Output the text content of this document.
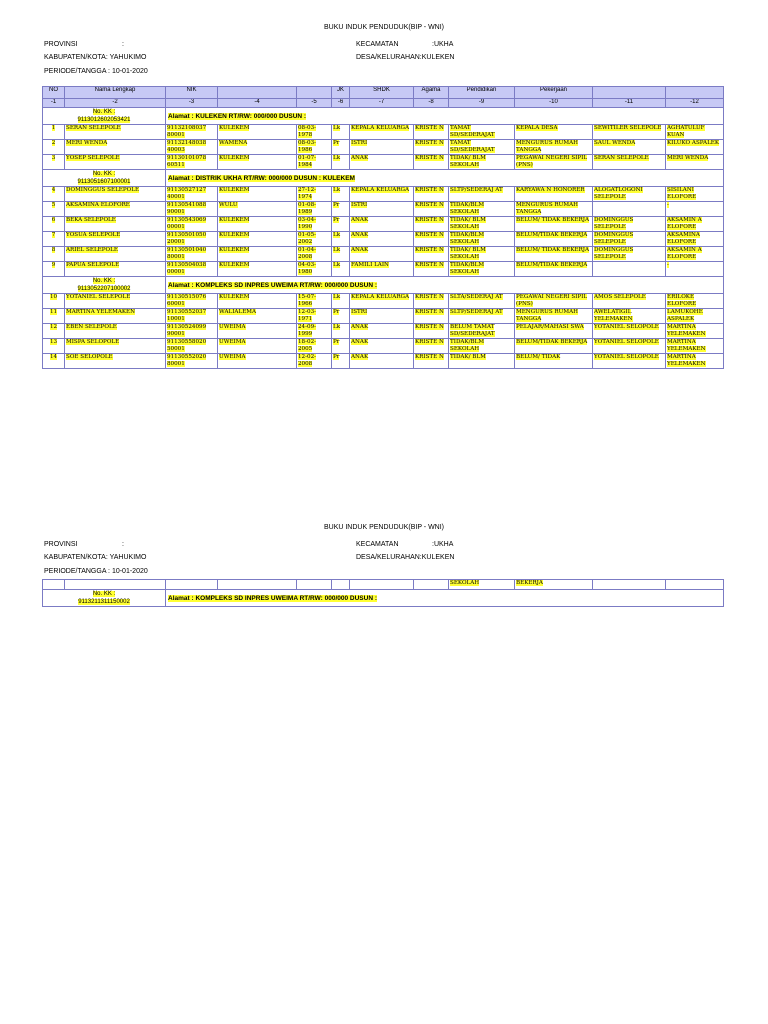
BUKU INDUK PENDUDUK(BIP - WNI)
PROVINSI	:
KABUPATEN/KOTA: YAHUKIMO
PERIODE/TANGGA : 10-01-2020
KECAMATAN	:UKHA
DESA/KELURAHAN:KULEKEN
NO	Nama Lengkap	NIK			JK	SHDK	Agama	Pendidikan	Pekerjaan		
-1	-2	-3	-4	-5	-6	-7	-8	-9	-10	-11	-12
No. KK :
9113012602053421		Alamat : KULEKEN RT/RW: 000/000 DUSUN :									
1	SERAN SELEPOLE	91132108037 80001	KULEKEM	08-03- 1978	Lk	KEPALA KELUARGA	KRISTE N	TAMAT SD/SEDERAJAT	KEPALA DESA	SEWITILER SELEPOLE	AGHATULUF KUAN
2	MERI WENDA	91132148038 40003	WAMENA	08-03- 1986	Pr	ISTRI	KRISTE N	TAMAT SD/SEDERAJAT	MENGURUS RUMAH TANGGA	SAUL WENDA	KILUKO ASPALEK
3	YOSEP SELEPOLE	91130101078 60511	KULEKEM	01-07- 1984	Lk	ANAK	KRISTE N	TIDAK/ BLM SEKOLAH	PEGAWAI NEGERI SIPIL (PNS)	SERAN SELEPOLE	MERI WENDA
No. KK :
9113051607100001		Alamat : DISTRIK UKHA RT/RW: 000/000 DUSUN : KULEKEM									
4	DOMINGGUS SELEPOLE	91130527127 40001	KULEKEM	27-12- 1974	Lk	KEPALA KELUARGA	KRISTE N	SLTP/SEDERAJ AT	KARYAWA N HONORER	ALOGATLOGONI SELEPOLE	SISILANI ELOFORE
5	AKSAMINA ELOFORE	91130541088 90001	WULU	01-08- 1989	Pr	ISTRI	KRISTE N	TIDAK/BLM SEKOLAH	MENGURUS RUMAH TANGGA		-
6	BEKA SELEPOLE	91130543069 00001	KULEKEM	03-04- 1990	Pr	ANAK	KRISTE N	TIDAK/ BLM SEKOLAH	BELUM/ TIDAK BEKERJA	DOMINGGUS SELEPOLE	AKSAMIN A ELOFORE
7	YOSUA SELEPOLE	91130501050 20001	KULEKEM	01-05- 2002	Lk	ANAK	KRISTE N	TIDAK/BLM SEKOLAH	BELUM/TIDAK BEKERJA	DOMINGGUS SELEPOLE	AKSAMINA ELOFORE
8	ARIEL SELEPOLE	91130501040 80001	KULEKEM	01-04- 2008	Lk	ANAK	KRISTE N	TIDAK/ BLM SEKOLAH	BELUM/ TIDAK BEKERJA	DOMINGGUS SELEPOLE	AKSAMIN A ELOFORE
9	PAPUA SELEPOLE	91130504038 00001	KULEKEM	04-03- 1980	Lk	FAMILI LAIN	KRISTE N	TIDAK/BLM SEKOLAH	BELUM/TIDAK BEKERJA		-
No. KK :
9113052207100002		Alamat : KOMPLEKS SD INPRES UWEIMA RT/RW: 000/000 DUSUN :									
10	YOTANIEL SELEPOLE	91130515076 60001	KULEKEM	15-07- 1966	Lk	KEPALA KELUARGA	KRISTE N	SLTA/SEDERAJ AT	PEGAWAI NEGERI SIPIL (PNS)	AMOS SELEPOLE	ERILOKE ELOFORE
11	MARTINA YELEMAKEN	91130552037 10001	WALIALEMA	12-03- 1971	Pr	ISTRI	KRISTE N	SLTP/SEDERAJ AT	MENGURUS RUMAH TANGGA	AWELATIGIL YELEMAKEN	LAMUKOHE ASPALEK
12	EBEN SELEPOLE	91130524099 90001	UWEIMA	24-09- 1999	Lk	ANAK	KRISTE N	BELUM TAMAT SD/SEDERAJAT	PELAJAR/MAHASI SWA	YOTANIEL SELOPOLE	MARTINA YELEMAKEN
13	MISPA SELOPOLE	91130558020 50001	UWEIMA	18-02- 2005	Pr	ANAK	KRISTE N	TIDAK/BLM SEKOLAH	BELUM/TIDAK BEKERJA	YOTANIEL SELOPOLE	MARTINA YELEMAKEN
14	SOE SELOPOLE	91130552020 80001	UWEIMA	12-02- 2008	Pr	ANAK	KRISTE N	TIDAK/ BLM	BELUM/ TIDAK	YOTANIEL SELOPOLE	MARTINA YELEMAKEN
BUKU INDUK PENDUDUK(BIP - WNI)
PROVINSI	:
KABUPATEN/KOTA: YAHUKIMO
PERIODE/TANGGA : 10-01-2020
KECAMATAN	:UKHA
DESA/KELURAHAN:KULEKEN
								SEKOLAH	BEKERJA		
No. KK :
9113211311150002		Alamat : KOMPLEKS SD INPRES UWEIMA RT/RW: 000/000 DUSUN :									
